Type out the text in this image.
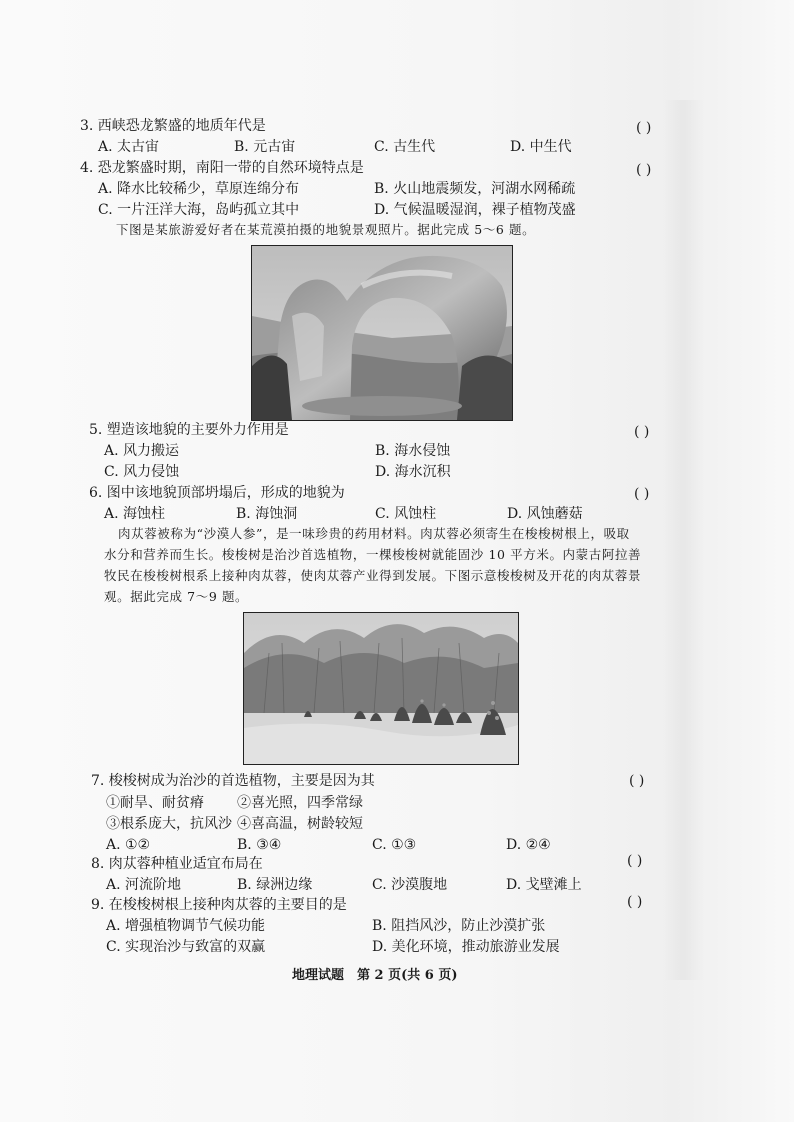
3. 西峡恐龙繁盛的地质年代是	( )
A. 太古宙	B. 元古宙	C. 古生代	D. 中生代
4. 恐龙繁盛时期，南阳一带的自然环境特点是	( )
A. 降水比较稀少，草原连绵分布	B. 火山地震频发，河湖水网稀疏
C. 一片汪洋大海，岛屿孤立其中	D. 气候温暖湿润，裸子植物茂盛
下图是某旅游爱好者在某荒漠拍摄的地貌景观照片。据此完成 5～6 题。
5. 塑造该地貌的主要外力作用是	( )
A. 风力搬运	B. 海水侵蚀
C. 风力侵蚀	D. 海水沉积
6. 图中该地貌顶部坍塌后，形成的地貌为	( )
A. 海蚀柱	B. 海蚀洞	C. 风蚀柱	D. 风蚀蘑菇
肉苁蓉被称为“沙漠人参”，是一味珍贵的药用材料。肉苁蓉必须寄生在梭梭树根上，吸取
水分和营养而生长。梭梭树是治沙首选植物，一棵梭梭树就能固沙 10 平方米。内蒙古阿拉善
牧民在梭梭树根系上接种肉苁蓉，使肉苁蓉产业得到发展。下图示意梭梭树及开花的肉苁蓉景
观。据此完成 7～9 题。
7. 梭梭树成为治沙的首选植物，主要是因为其	( )
①耐旱、耐贫瘠 ②喜光照，四季常绿
③根系庞大，抗风沙 ④喜高温，树龄较短
A. ①②	B. ③④	C. ①③	D. ②④
8. 肉苁蓉种植业适宜布局在	( )
A. 河流阶地	B. 绿洲边缘	C. 沙漠腹地	D. 戈壁滩上
9. 在梭梭树根上接种肉苁蓉的主要目的是	( )
A. 增强植物调节气候功能	B. 阻挡风沙，防止沙漠扩张
C. 实现治沙与致富的双赢	D. 美化环境，推动旅游业发展
地理试题　第 2 页(共 6 页)
